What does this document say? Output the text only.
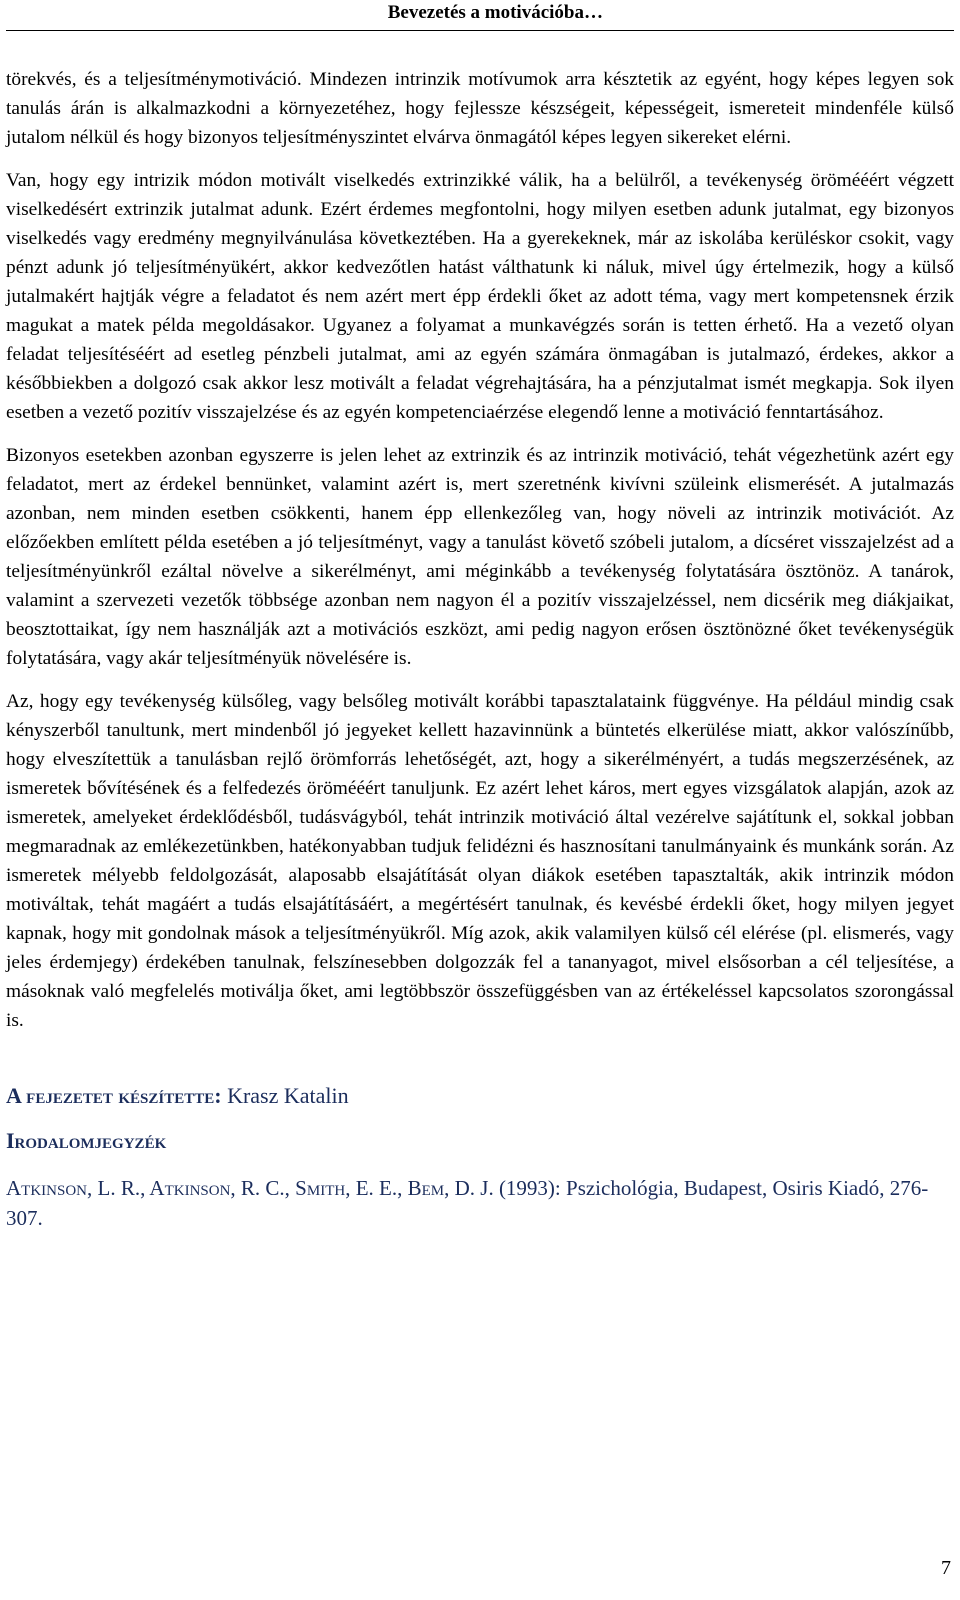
Bevezetés a motivációba…

törekvés, és a teljesítménymotiváció. Mindezen intrinzik motívumok arra késztetik az egyént, hogy képes legyen sok tanulás árán is alkalmazkodni a környezetéhez, hogy fejlessze készségeit, képességeit, ismereteit mindenféle külső jutalom nélkül és hogy bizonyos teljesítményszintet elvárva önmagától képes legyen sikereket elérni.

Van, hogy egy intrizik módon motivált viselkedés extrinzikké válik, ha a belülről, a tevékenység örömééért végzett viselkedésért extrinzik jutalmat adunk. Ezért érdemes megfontolni, hogy milyen esetben adunk jutalmat, egy bizonyos viselkedés vagy eredmény megnyilvánulása következtében. Ha a gyerekeknek, már az iskolába kerüléskor csokit, vagy pénzt adunk jó teljesítményükért, akkor kedvezőtlen hatást válthatunk ki náluk, mivel úgy értelmezik, hogy a külső jutalmakért hajtják végre a feladatot és nem azért mert épp érdekli őket az adott téma, vagy mert kompetensnek érzik magukat a matek példa megoldásakor. Ugyanez a folyamat a munkavégzés során is tetten érhető. Ha a vezető olyan feladat teljesítéséért ad esetleg pénzbeli jutalmat, ami az egyén számára önmagában is jutalmazó, érdekes, akkor a későbbiekben a dolgozó csak akkor lesz motivált a feladat végrehajtására, ha a pénzjutalmat ismét megkapja. Sok ilyen esetben a vezető pozitív visszajelzése és az egyén kompetenciaérzése elegendő lenne a motiváció fenntartásához.

Bizonyos esetekben azonban egyszerre is jelen lehet az extrinzik és az intrinzik motiváció, tehát végezhetünk azért egy feladatot, mert az érdekel bennünket, valamint azért is, mert szeretnénk kivívni szüleink elismerését. A jutalmazás azonban, nem minden esetben csökkenti, hanem épp ellenkezőleg van, hogy növeli az intrinzik motivációt. Az előzőekben említett példa esetében a jó teljesítményt, vagy a tanulást követő szóbeli jutalom, a dícséret visszajelzést ad a teljesítményünkről ezáltal növelve a sikerélményt, ami méginkább a tevékenység folytatására ösztönöz. A tanárok, valamint a szervezeti vezetők többsége azonban nem nagyon él a pozitív visszajelzéssel, nem dicsérik meg diákjaikat, beosztottaikat, így nem használják azt a motivációs eszközt, ami pedig nagyon erősen ösztönözné őket tevékenységük folytatására, vagy akár teljesítményük növelésére is.

Az, hogy egy tevékenység külsőleg, vagy belsőleg motivált korábbi tapasztalataink függvénye. Ha például mindig csak kényszerből tanultunk, mert mindenből jó jegyeket kellett hazavinnünk a büntetés elkerülése miatt, akkor valószínűbb, hogy elveszítettük a tanulásban rejlő örömforrás lehetőségét, azt, hogy a sikerélményért, a tudás megszerzésének, az ismeretek bővítésének és a felfedezés örömééért tanuljunk. Ez azért lehet káros, mert egyes vizsgálatok alapján, azok az ismeretek, amelyeket érdeklődésből, tudásvágyból, tehát intrinzik motiváció által vezérelve sajátítunk el, sokkal jobban megmaradnak az emlékezetünkben, hatékonyabban tudjuk felidézni és hasznosítani tanulmányaink és munkánk során. Az ismeretek mélyebb feldolgozását, alaposabb elsajátítását olyan diákok esetében tapasztalták, akik intrinzik módon motiváltak, tehát magáért a tudás elsajátításáért, a megértésért tanulnak, és kevésbé érdekli őket, hogy milyen jegyet kapnak, hogy mit gondolnak mások a teljesítményükről. Míg azok, akik valamilyen külső cél elérése (pl. elismerés, vagy jeles érdemjegy) érdekében tanulnak, felszínesebben dolgozzák fel a tananyagot, mivel elsősorban a cél teljesítése, a másoknak való megfelelés motiválja őket, ami legtöbbször összefüggésben van az értékeléssel kapcsolatos szorongással is.

A fejezetet készítette: Krasz Katalin
Irodalomjegyzék
Atkinson, L. R., Atkinson, R. C., Smith, E. E., Bem, D. J. (1993): Pszichológia, Budapest, Osiris Kiadó, 276-307.
7
